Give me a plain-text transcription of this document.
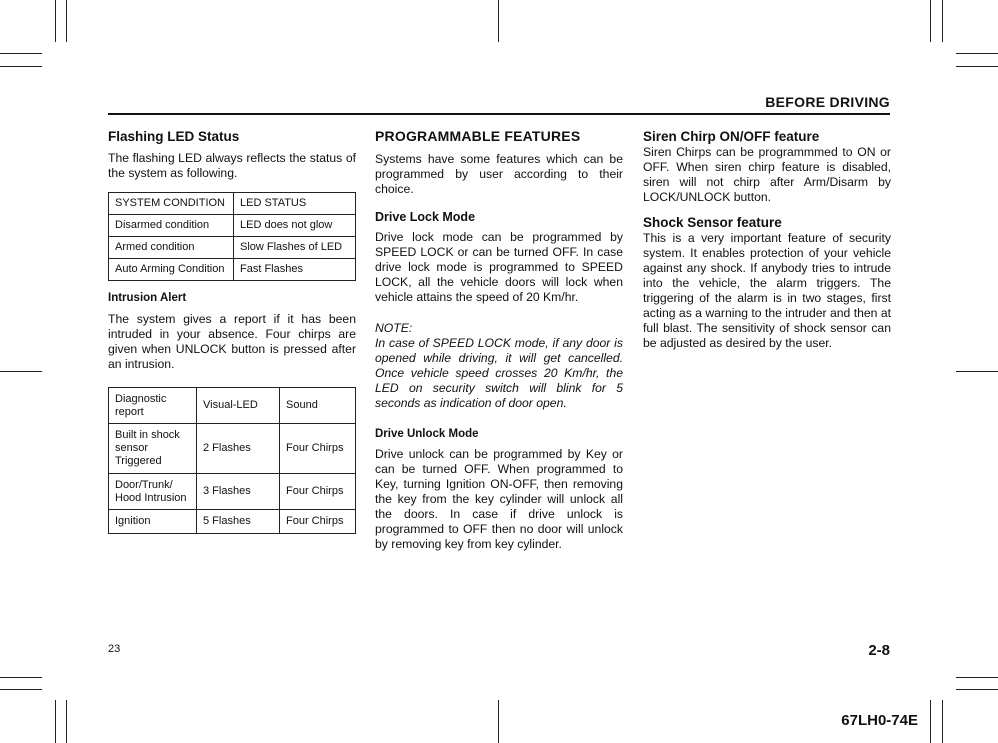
BEFORE DRIVING
Flashing LED Status

The flashing LED always reflects the status of the system as following.

SYSTEM CONDITION	LED STATUS
Disarmed condition	LED does not glow
Armed condition	Slow Flashes of LED
Auto Arming Condition	Fast Flashes
Intrusion Alert

The system gives a report if it has been intruded in your absence. Four chirps are given when UNLOCK button is pressed after an intrusion.

Diagnostic report	Visual-LED	Sound
Built in shock sensor Triggered	2 Flashes	Four Chirps
Door/Trunk/ Hood Intrusion	3 Flashes	Four Chirps
Ignition	5 Flashes	Four Chirps
PROGRAMMABLE FEATURES

Systems have some features which can be programmed by user according to their choice.

Drive Lock Mode

Drive lock mode can be programmed by SPEED LOCK or can be turned OFF. In case drive lock mode is programmed to SPEED LOCK, all the vehicle doors will lock when vehicle attains the speed of 20 Km/hr.

NOTE:

In case of SPEED LOCK mode, if any door is opened while driving, it will get cancelled. Once vehicle speed crosses 20 Km/hr, the LED on security switch will blink for 5 seconds as indication of door open.

Drive Unlock Mode

Drive unlock can be programmed by Key or can be turned OFF. When programmed to Key, turning Ignition ON-OFF, then removing the key from the key cylinder will unlock all the doors. In case if drive unlock is programmed to OFF then no door will unlock by removing key from key cylinder.

Siren Chirp ON/OFF feature

Siren Chirps can be programmmed to ON or OFF. When siren chirp feature is disabled, siren will not chirp after Arm/Disarm by LOCK/UNLOCK button.

Shock Sensor feature

This is a very important feature of security system. It enables protection of your vehicle against any shock. If anybody tries to intrude into the vehicle, the alarm triggers. The triggering of the alarm is in two stages, first acting as a warning to the intruder and then at full blast. The sensitivity of shock sensor can be adjusted as desired by the user.

23	2-8
67LH0-74E
